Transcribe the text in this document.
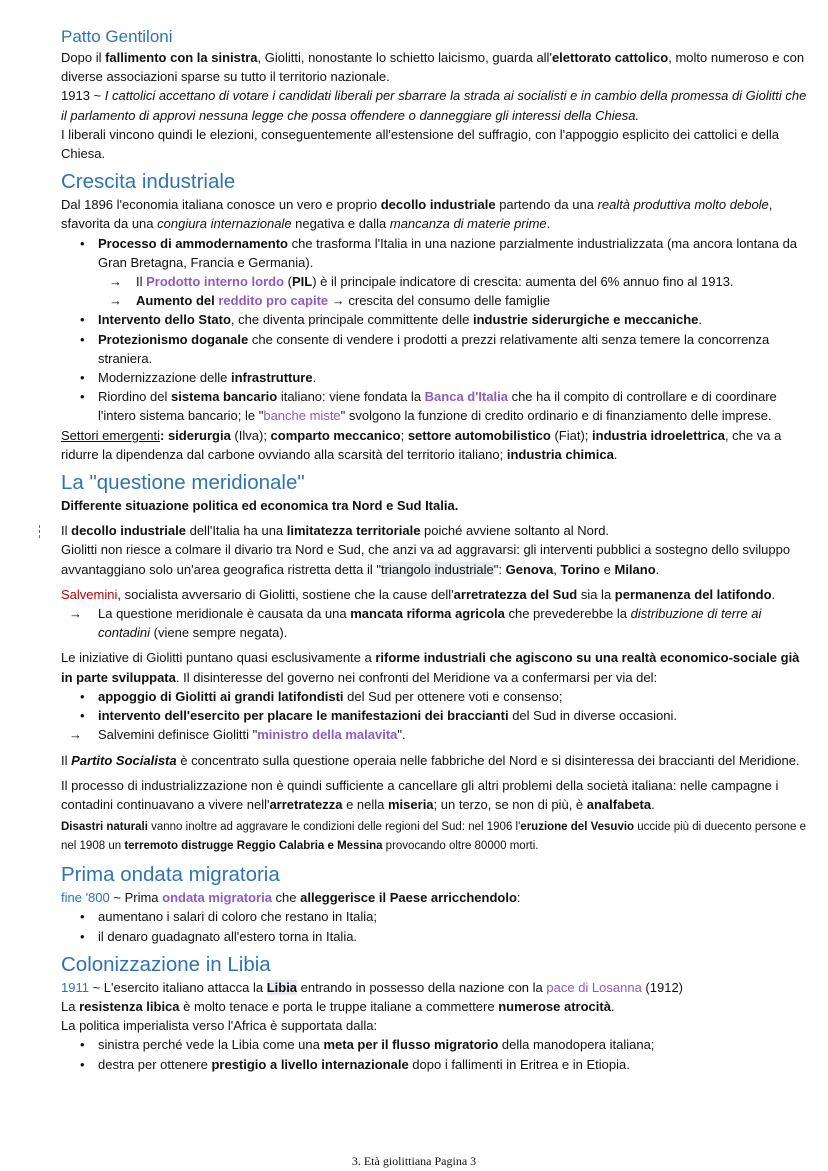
Patto Gentiloni

Dopo il fallimento con la sinistra, Giolitti, nonostante lo schietto laicismo, guarda all'elettorato cattolico, molto numeroso e con diverse associazioni sparse su tutto il territorio nazionale.

1913 ~ I cattolici accettano di votare i candidati liberali per sbarrare la strada ai socialisti e in cambio della promessa di Giolitti che il parlamento di approvi nessuna legge che possa offendere o danneggiare gli interessi della Chiesa.

I liberali vincono quindi le elezioni, conseguentemente all'estensione del suffragio, con l'appoggio esplicito dei cattolici e della Chiesa.

Crescita industriale

Dal 1896 l'economia italiana conosce un vero e proprio decollo industriale partendo da una realtà produttiva molto debole, sfavorita da una congiura internazionale negativa e dalla mancanza di materie prime.

• Processo di ammodernamento che trasforma l'Italia in una nazione parzialmente industrializzata (ma ancora lontana da Gran Bretagna, Francia e Germania).
→ Il Prodotto interno lordo (PIL) è il principale indicatore di crescita: aumenta del 6% annuo fino al 1913.
→ Aumento del reddito pro capite → crescita del consumo delle famiglie
• Intervento dello Stato, che diventa principale committente delle industrie siderurgiche e meccaniche.
• Protezionismo doganale che consente di vendere i prodotti a prezzi relativamente alti senza temere la concorrenza straniera.
• Modernizzazione delle infrastrutture.
• Riordino del sistema bancario italiano: viene fondata la Banca d'Italia che ha il compito di controllare e di coordinare l'intero sistema bancario; le "banche miste" svolgono la funzione di credito ordinario e di finanziamento delle imprese.

Settori emergenti: siderurgia (Ilva); comparto meccanico; settore automobilistico (Fiat); industria idroelettrica, che va a ridurre la dipendenza dal carbone ovviando alla scarsità del territorio italiano; industria chimica.

La "questione meridionale"

Differente situazione politica ed economica tra Nord e Sud Italia.

Il decollo industriale dell'Italia ha una limitatezza territoriale poiché avviene soltanto al Nord.

Giolitti non riesce a colmare il divario tra Nord e Sud, che anzi va ad aggravarsi: gli interventi pubblici a sostegno dello sviluppo avvantaggiano solo un'area geografica ristretta detta il "triangolo industriale": Genova, Torino e Milano.

Salvemini, socialista avversario di Giolitti, sostiene che la cause dell'arretratezza del Sud sia la permanenza del latifondo.

→ La questione meridionale è causata da una mancata riforma agricola che prevederebbe la distribuzione di terre ai contadini (viene sempre negata).

Le iniziative di Giolitti puntano quasi esclusivamente a riforme industriali che agiscono su una realtà economico-sociale già in parte sviluppata. Il disinteresse del governo nei confronti del Meridione va a confermarsi per via del:

• appoggio di Giolitti ai grandi latifondisti del Sud per ottenere voti e consenso;
• intervento dell'esercito per placare le manifestazioni dei braccianti del Sud in diverse occasioni.
→ Salvemini definisce Giolitti "ministro della malavita".

Il Partito Socialista è concentrato sulla questione operaia nelle fabbriche del Nord e si disinteressa dei braccianti del Meridione.

Il processo di industrializzazione non è quindi sufficiente a cancellare gli altri problemi della società italiana: nelle campagne i contadini continuavano a vivere nell'arretratezza e nella miseria; un terzo, se non di più, è analfabeta.

Disastri naturali vanno inoltre ad aggravare le condizioni delle regioni del Sud: nel 1906 l'eruzione del Vesuvio uccide più di duecento persone e nel 1908 un terremoto distrugge Reggio Calabria e Messina provocando oltre 80000 morti.

Prima ondata migratoria

fine '800 ~ Prima ondata migratoria che alleggerisce il Paese arricchendolo:

• aumentano i salari di coloro che restano in Italia;
• il denaro guadagnato all'estero torna in Italia.
Colonizzazione in Libia

1911 ~ L'esercito italiano attacca la Libia entrando in possesso della nazione con la pace di Losanna (1912)

La resistenza libica è molto tenace e porta le truppe italiane a commettere numerose atrocità.

La politica imperialista verso l'Africa è supportata dalla:

• sinistra perché vede la Libia come una meta per il flusso migratorio della manodopera italiana;
• destra per ottenere prestigio a livello internazionale dopo i fallimenti in Eritrea e in Etiopia.
3. Età giolittiana Pagina 3
